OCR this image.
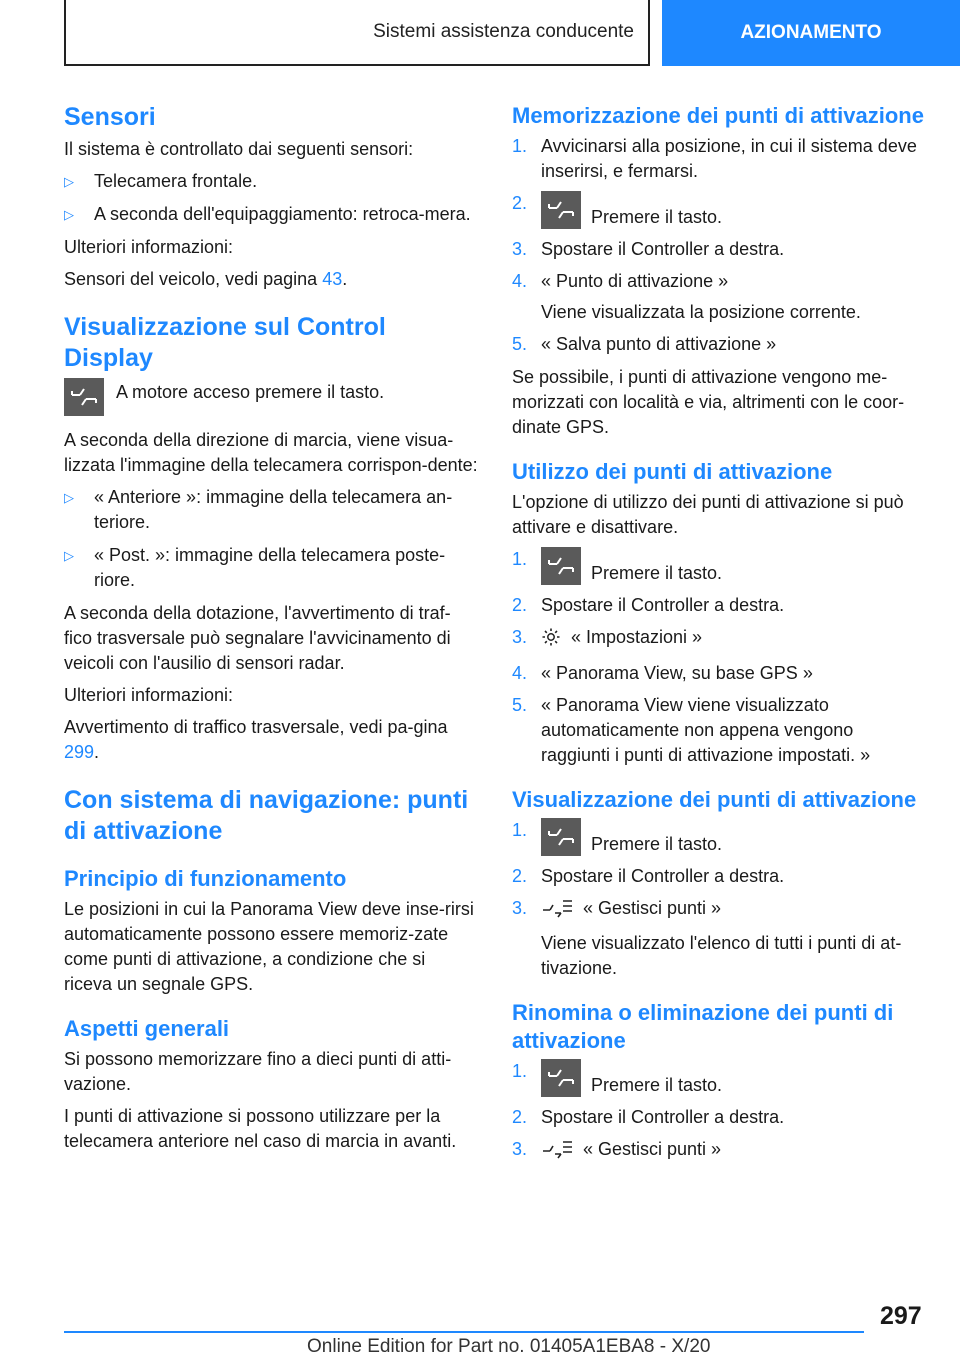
Sistemi assistenza conducente	AZIONAMENTO
Sensori

Il sistema è controllato dai seguenti sensori:

▷ Telecamera frontale.
▷ A seconda dell'equipaggiamento: retroca-mera.

Ulteriori informazioni:

Sensori del veicolo, vedi pagina 43.

Visualizzazione sul Control Display

A motore acceso premere il tasto.

A seconda della direzione di marcia, viene visua-lizzata l'immagine della telecamera corrispon-dente:

▷ « Anteriore »: immagine della telecamera an-teriore.
▷ « Post. »: immagine della telecamera poste-riore.

A seconda della dotazione, l'avvertimento di traf-fico trasversale può segnalare l'avvicinamento di veicoli con l'ausilio di sensori radar.

Ulteriori informazioni:

Avvertimento di traffico trasversale, vedi pa-gina 299.

Con sistema di navigazione: punti di attivazione
Principio di funzionamento

Le posizioni in cui la Panorama View deve inse-rirsi automaticamente possono essere memoriz-zate come punti di attivazione, a condizione che si riceva un segnale GPS.

Aspetti generali

Si possono memorizzare fino a dieci punti di atti-vazione.

I punti di attivazione si possono utilizzare per la telecamera anteriore nel caso di marcia in avanti.

Memorizzazione dei punti di attivazione
1. Avvicinarsi alla posizione, in cui il sistema deve inserirsi, e fermarsi.
2.
Premere il tasto.
3. Spostare il Controller a destra.
4. « Punto di attivazione »
Viene visualizzata la posizione corrente.
5. « Salva punto di attivazione »

Se possibile, i punti di attivazione vengono me-morizzati con località e via, altrimenti con le coor-dinate GPS.

Utilizzo dei punti di attivazione

L'opzione di utilizzo dei punti di attivazione si può attivare e disattivare.

1.
Premere il tasto.
2. Spostare il Controller a destra.
3. « Impostazioni »
4. « Panorama View, su base GPS »
5. « Panorama View viene visualizzato automaticamente non appena vengono raggiunti i punti di attivazione impostati. »
Visualizzazione dei punti di attivazione
1.
Premere il tasto.
2. Spostare il Controller a destra.
3.	« Gestisci punti »
Viene visualizzato l'elenco di tutti i punti di at-tivazione.
Rinomina o eliminazione dei punti di attivazione
1.
Premere il tasto.
2. Spostare il Controller a destra.
3.	« Gestisci punti »
297
Online Edition for Part no. 01405A1EBA8 - X/20
